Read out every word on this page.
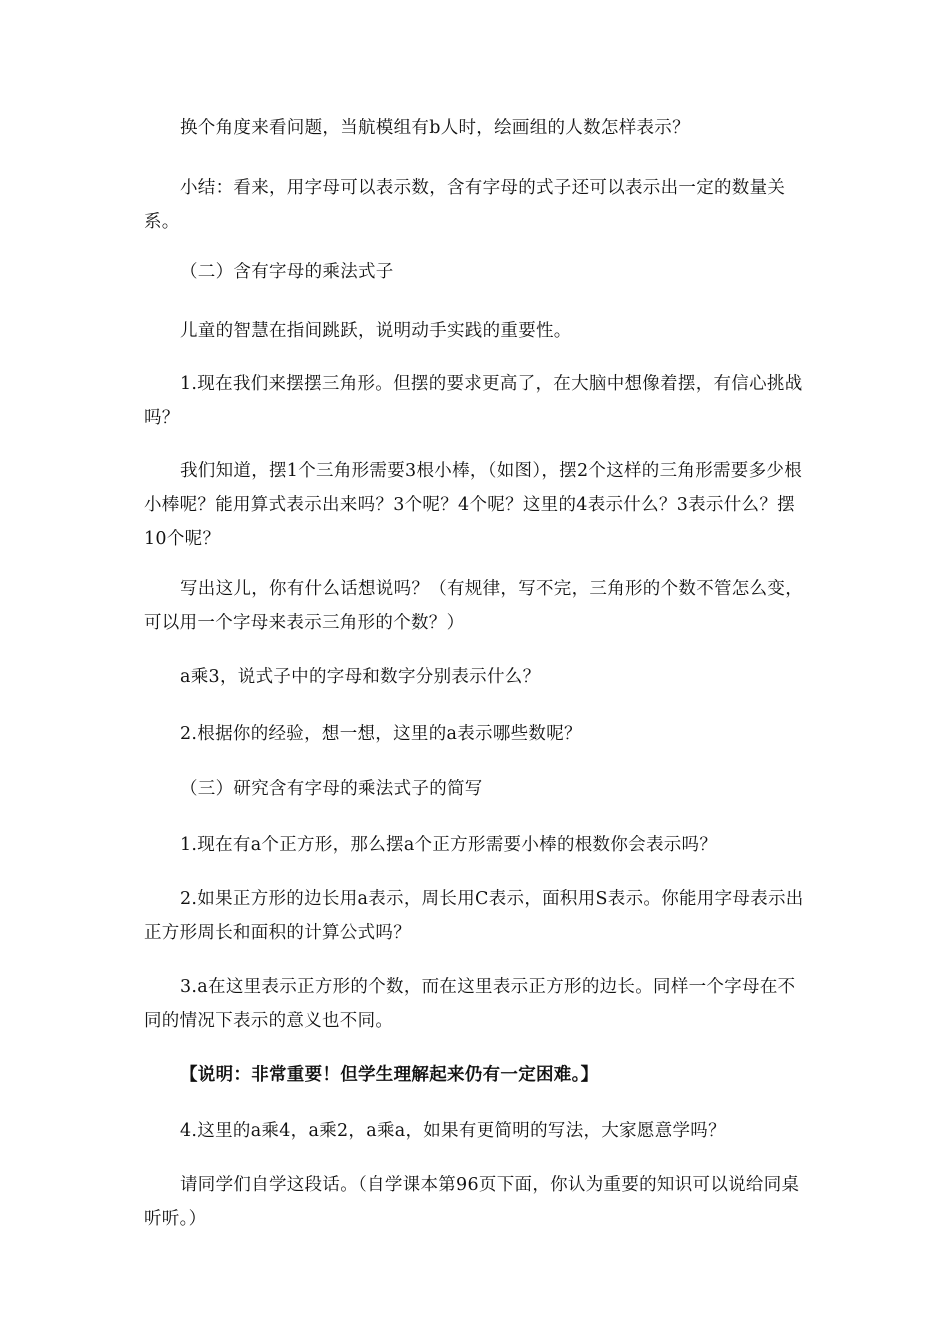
换个角度来看问题，当航模组有b人时，绘画组的人数怎样表示？

小结：看来，用字母可以表示数，含有字母的式子还可以表示出一定的数量关系。

（二）含有字母的乘法式子

儿童的智慧在指间跳跃，说明动手实践的重要性。

1.现在我们来摆摆三角形。但摆的要求更高了，在大脑中想像着摆，有信心挑战吗？

我们知道，摆1个三角形需要3根小棒，（如图），摆2个这样的三角形需要多少根小棒呢？能用算式表示出来吗？3个呢？4个呢？这里的4表示什么？3表示什么？摆10个呢？

写出这儿，你有什么话想说吗？（有规律，写不完，三角形的个数不管怎么变，可以用一个字母来表示三角形的个数？）

a乘3，说式子中的字母和数字分别表示什么？

2.根据你的经验，想一想，这里的a表示哪些数呢？

（三）研究含有字母的乘法式子的简写

1.现在有a个正方形，那么摆a个正方形需要小棒的根数你会表示吗？

2.如果正方形的边长用a表示，周长用C表示，面积用S表示。你能用字母表示出正方形周长和面积的计算公式吗？

3.a在这里表示正方形的个数，而在这里表示正方形的边长。同样一个字母在不同的情况下表示的意义也不同。

【说明：非常重要！但学生理解起来仍有一定困难。】

4.这里的a乘4，a乘2，a乘a，如果有更简明的写法，大家愿意学吗？

请同学们自学这段话。（自学课本第96页下面，你认为重要的知识可以说给同桌听听。）
